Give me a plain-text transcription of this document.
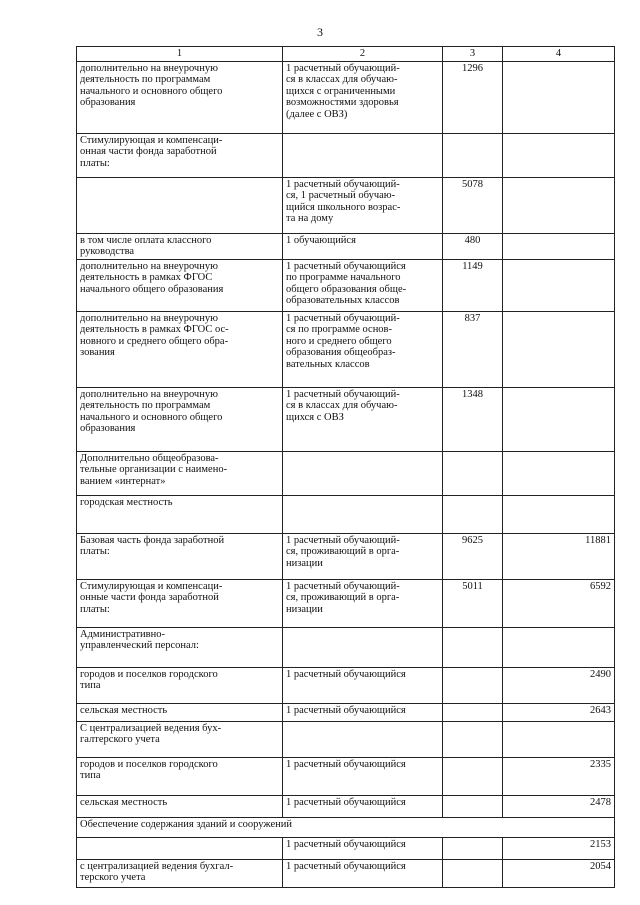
3
1	2	3	4

дополнительно на внеурочную
деятельность по программам
начального и основного общего
образования	1 расчетный обучающий-
ся в классах для обучаю-
щихся с ограниченными
возможностями здоровья
(далее с ОВЗ)	1296	

Стимулирующая и компенсаци-
онная части фонда заработной
платы:			

	1 расчетный обучающий-
ся, 1 расчетный обучаю-
щийся школьного возрас-
та на дому	5078	

в том числе оплата классного
руководства	1 обучающийся	480	

дополнительно на внеурочную
деятельность в рамках ФГОС
начального общего образования	1 расчетный обучающийся
по программе начального
общего образования обще-
образовательных классов	1149	

дополнительно на внеурочную
деятельность в рамках ФГОС ос-
новного и среднего общего обра-
зования	1 расчетный обучающий-
ся по программе основ-
ного и среднего общего
образования общеобраз-
вательных классов	837	

дополнительно на внеурочную
деятельность по программам
начального и основного общего
образования	1 расчетный обучающий-
ся в классах для обучаю-
щихся с ОВЗ	1348	

Дополнительно общеобразова-
тельные организации с наимено-
ванием «интернат»			

городская местность			

Базовая часть фонда заработной
платы:	1 расчетный обучающий-
ся, проживающий в орга-
низации	9625	11881

Стимулирующая и компенсаци-
онные части фонда заработной
платы:	1 расчетный обучающий-
ся, проживающий в орга-
низации	5011	6592

Административно-
управленческий персонал:			

городов и поселков городского
типа	1 расчетный обучающийся		2490

сельская местность	1 расчетный обучающийся		2643

С централизацией ведения бух-
галтерского учета			

городов и поселков городского
типа	1 расчетный обучающийся		2335

сельская местность	1 расчетный обучающийся		2478
Обеспечение содержания зданий и сооружений			

	1 расчетный обучающийся		2153

с централизацией ведения бухгал-
терского учета	1 расчетный обучающийся		2054
